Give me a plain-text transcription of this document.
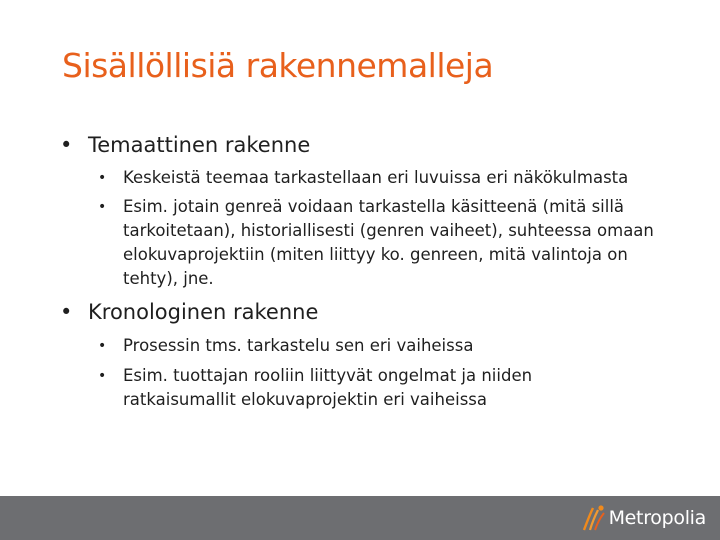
Sisällöllisiä rakennemalleja
• Temaattinen rakenne
• Keskeistä teemaa tarkastellaan eri luvuissa eri näkökulmasta
• Esim. jotain genreä voidaan tarkastella käsitteenä (mitä sillä tarkoitetaan), historiallisesti (genren vaiheet), suhteessa omaan elokuvaprojektiin (miten liittyy ko. genreen, mitä valintoja on tehty), jne.
• Kronologinen rakenne
• Prosessin tms. tarkastelu sen eri vaiheissa
• Esim. tuottajan rooliin liittyvät ongelmat ja niiden ratkaisumallit elokuvaprojektin eri vaiheissa
Metropolia
